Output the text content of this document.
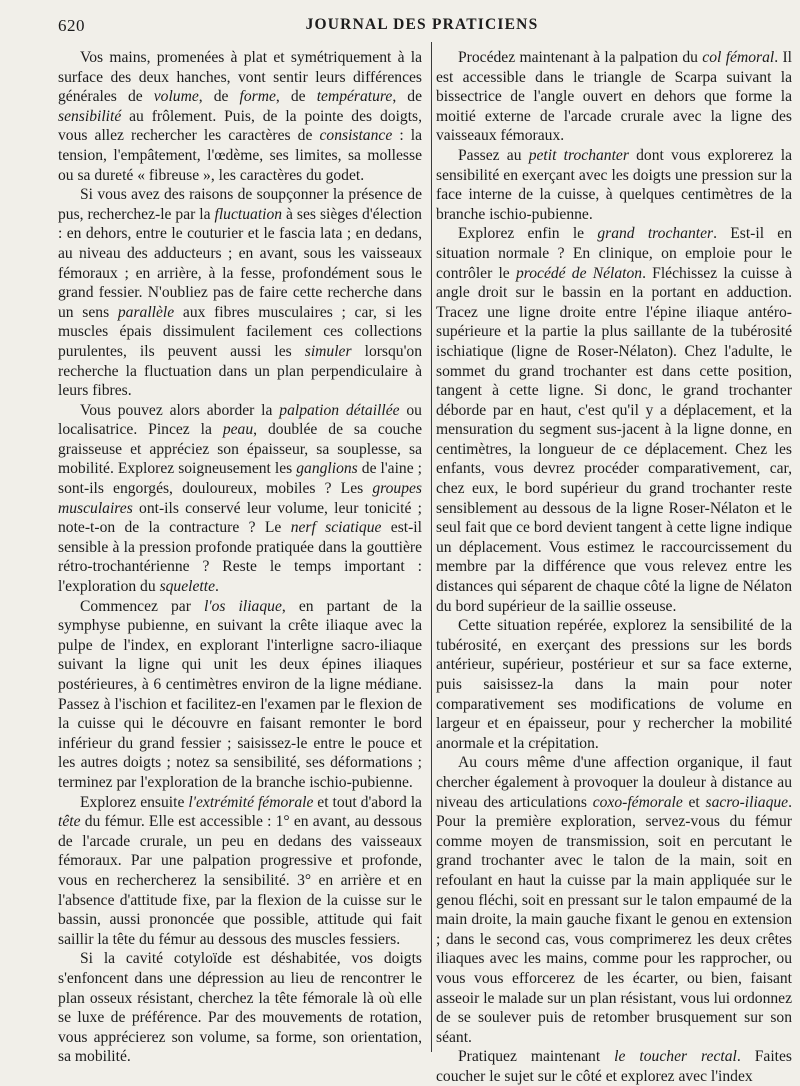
620	JOURNAL DES PRATICIENS

Vos mains, promenées à plat et symétriquement à la surface des deux hanches, vont sentir leurs différences générales de volume, de forme, de température, de sensibilité au frôlement. Puis, de la pointe des doigts, vous allez rechercher les caractères de consistance : la tension, l'empâtement, l'œdème, ses limites, sa mollesse ou sa dureté « fibreuse », les caractères du godet.

Si vous avez des raisons de soupçonner la présence de pus, recherchez-le par la fluctuation à ses sièges d'élection : en dehors, entre le couturier et le fascia lata ; en dedans, au niveau des adducteurs ; en avant, sous les vaisseaux fémoraux ; en arrière, à la fesse, profondément sous le grand fessier. N'oubliez pas de faire cette recherche dans un sens parallèle aux fibres musculaires ; car, si les muscles épais dissimulent facilement ces collections purulentes, ils peuvent aussi les simuler lorsqu'on recherche la fluctuation dans un plan perpendiculaire à leurs fibres.

Vous pouvez alors aborder la palpation détaillée ou localisatrice. Pincez la peau, doublée de sa couche graisseuse et appréciez son épaisseur, sa souplesse, sa mobilité. Explorez soigneusement les ganglions de l'aine ; sont-ils engorgés, douloureux, mobiles ? Les groupes musculaires ont-ils conservé leur volume, leur tonicité ; note-t-on de la contracture ? Le nerf sciatique est-il sensible à la pression profonde pratiquée dans la gouttière rétro-trochantérienne ? Reste le temps important : l'exploration du squelette.

Commencez par l'os iliaque, en partant de la symphyse pubienne, en suivant la crête iliaque avec la pulpe de l'index, en explorant l'interligne sacro-iliaque suivant la ligne qui unit les deux épines iliaques postérieures, à 6 centimètres environ de la ligne médiane. Passez à l'ischion et facilitez-en l'examen par le flexion de la cuisse qui le découvre en faisant remonter le bord inférieur du grand fessier ; saisissez-le entre le pouce et les autres doigts ; notez sa sensibilité, ses déformations ; terminez par l'exploration de la branche ischio-pubienne.

Explorez ensuite l'extrémité fémorale et tout d'abord la tête du fémur. Elle est accessible : 1° en avant, au dessous de l'arcade crurale, un peu en dedans des vaisseaux fémoraux. Par une palpation progressive et profonde, vous en rechercherez la sensibilité. 3° en arrière et en l'absence d'attitude fixe, par la flexion de la cuisse sur le bassin, aussi prononcée que possible, attitude qui fait saillir la tête du fémur au dessous des muscles fessiers.

Si la cavité cotyloïde est déshabitée, vos doigts s'enfoncent dans une dépression au lieu de rencontrer le plan osseux résistant, cherchez la tête fémorale là où elle se luxe de préférence. Par des mouvements de rotation, vous apprécierez son volume, sa forme, son orientation, sa mobilité.

Procédez maintenant à la palpation du col fémoral. Il est accessible dans le triangle de Scarpa suivant la bissectrice de l'angle ouvert en dehors que forme la moitié externe de l'arcade crurale avec la ligne des vaisseaux fémoraux.

Passez au petit trochanter dont vous explorerez la sensibilité en exerçant avec les doigts une pression sur la face interne de la cuisse, à quelques centimètres de la branche ischio-pubienne.

Explorez enfin le grand trochanter. Est-il en situation normale ? En clinique, on emploie pour le contrôler le procédé de Nélaton. Fléchissez la cuisse à angle droit sur le bassin en la portant en adduction. Tracez une ligne droite entre l'épine iliaque antéro-supérieure et la partie la plus saillante de la tubérosité ischiatique (ligne de Roser-Nélaton). Chez l'adulte, le sommet du grand trochanter est dans cette position, tangent à cette ligne. Si donc, le grand trochanter déborde par en haut, c'est qu'il y a déplacement, et la mensuration du segment sus-jacent à la ligne donne, en centimètres, la longueur de ce déplacement. Chez les enfants, vous devrez procéder comparativement, car, chez eux, le bord supérieur du grand trochanter reste sensiblement au dessous de la ligne Roser-Nélaton et le seul fait que ce bord devient tangent à cette ligne indique un déplacement. Vous estimez le raccourcissement du membre par la différence que vous relevez entre les distances qui séparent de chaque côté la ligne de Nélaton du bord supérieur de la saillie osseuse.

Cette situation repérée, explorez la sensibilité de la tubérosité, en exerçant des pressions sur les bords antérieur, supérieur, postérieur et sur sa face externe, puis saisissez-la dans la main pour noter comparativement ses modifications de volume en largeur et en épaisseur, pour y rechercher la mobilité anormale et la crépitation.

Au cours même d'une affection organique, il faut chercher également à provoquer la douleur à distance au niveau des articulations coxo-fémorale et sacro-iliaque. Pour la première exploration, servez-vous du fémur comme moyen de transmission, soit en percutant le grand trochanter avec le talon de la main, soit en refoulant en haut la cuisse par la main appliquée sur le genou fléchi, soit en pressant sur le talon empaumé de la main droite, la main gauche fixant le genou en extension ; dans le second cas, vous comprimerez les deux crêtes iliaques avec les mains, comme pour les rapprocher, ou vous vous efforcerez de les écarter, ou bien, faisant asseoir le malade sur un plan résistant, vous lui ordonnez de se soulever puis de retomber brusquement sur son séant.

Pratiquez maintenant le toucher rectal. Faites coucher le sujet sur le côté et explorez avec l'index
